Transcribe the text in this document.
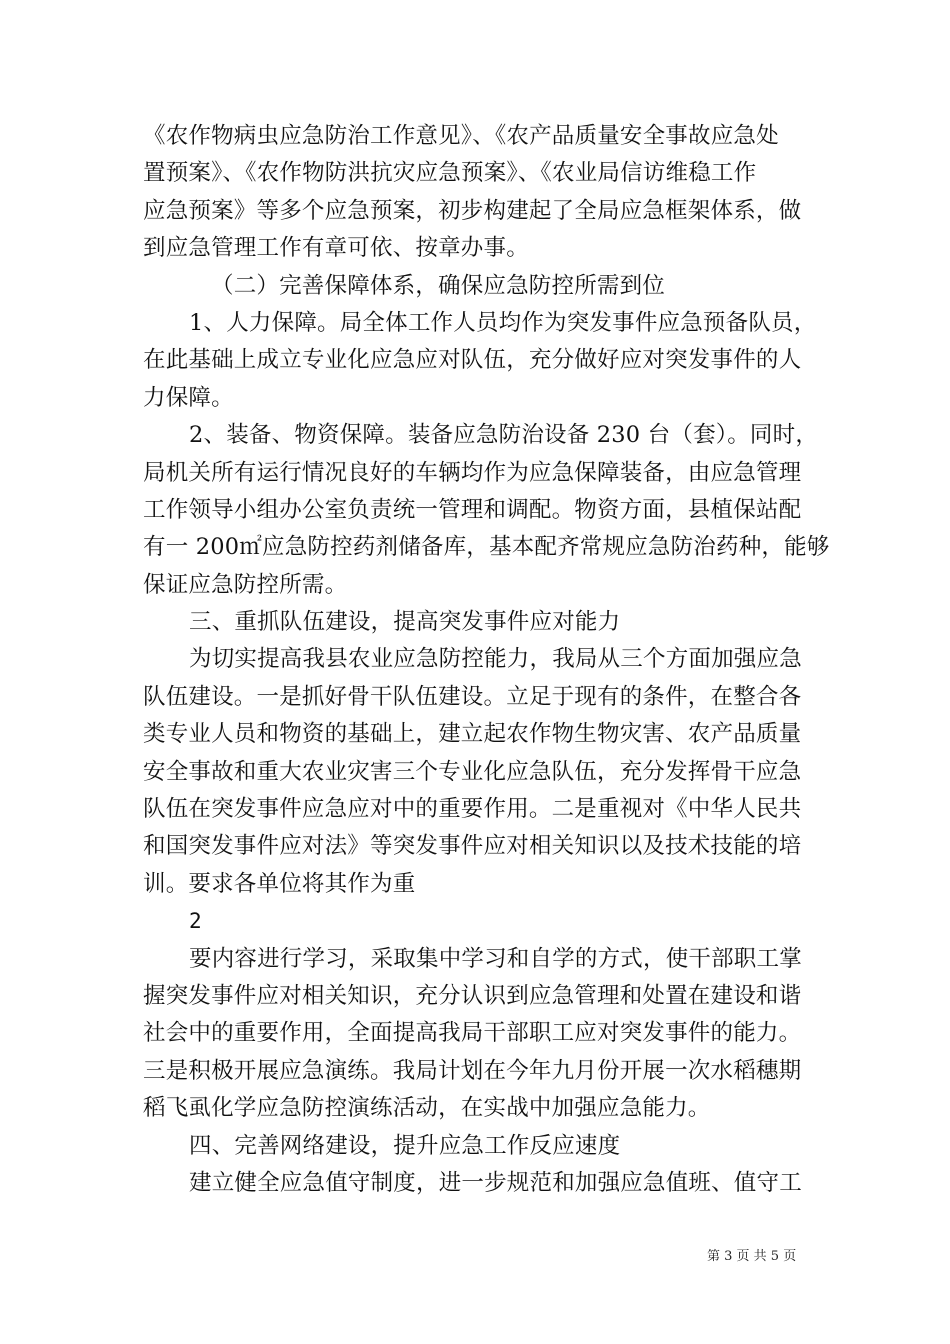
《农作物病虫应急防治工作意见》、《农产品质量安全事故应急处
置预案》、《农作物防洪抗灾应急预案》、《农业局信访维稳工作
应急预案》等多个应急预案，初步构建起了全局应急框架体系，做
到应急管理工作有章可依、按章办事。
（二）完善保障体系，确保应急防控所需到位
1、人力保障。局全体工作人员均作为突发事件应急预备队员，
在此基础上成立专业化应急应对队伍，充分做好应对突发事件的人
力保障。
2、装备、物资保障。装备应急防治设备 230 台（套）。同时，
局机关所有运行情况良好的车辆均作为应急保障装备，由应急管理
工作领导小组办公室负责统一管理和调配。物资方面，县植保站配
有一 200㎡应急防控药剂储备库，基本配齐常规应急防治药种，能够
保证应急防控所需。
三、重抓队伍建设，提高突发事件应对能力
为切实提高我县农业应急防控能力，我局从三个方面加强应急
队伍建设。一是抓好骨干队伍建设。立足于现有的条件，在整合各
类专业人员和物资的基础上，建立起农作物生物灾害、农产品质量
安全事故和重大农业灾害三个专业化应急队伍，充分发挥骨干应急
队伍在突发事件应急应对中的重要作用。二是重视对《中华人民共
和国突发事件应对法》等突发事件应对相关知识以及技术技能的培
训。要求各单位将其作为重
2
要内容进行学习，采取集中学习和自学的方式，使干部职工掌
握突发事件应对相关知识，充分认识到应急管理和处置在建设和谐
社会中的重要作用，全面提高我局干部职工应对突发事件的能力。
三是积极开展应急演练。我局计划在今年九月份开展一次水稻穗期
稻飞虱化学应急防控演练活动，在实战中加强应急能力。
四、完善网络建设，提升应急工作反应速度
建立健全应急值守制度，进一步规范和加强应急值班、值守工
第 3 页 共 5 页
